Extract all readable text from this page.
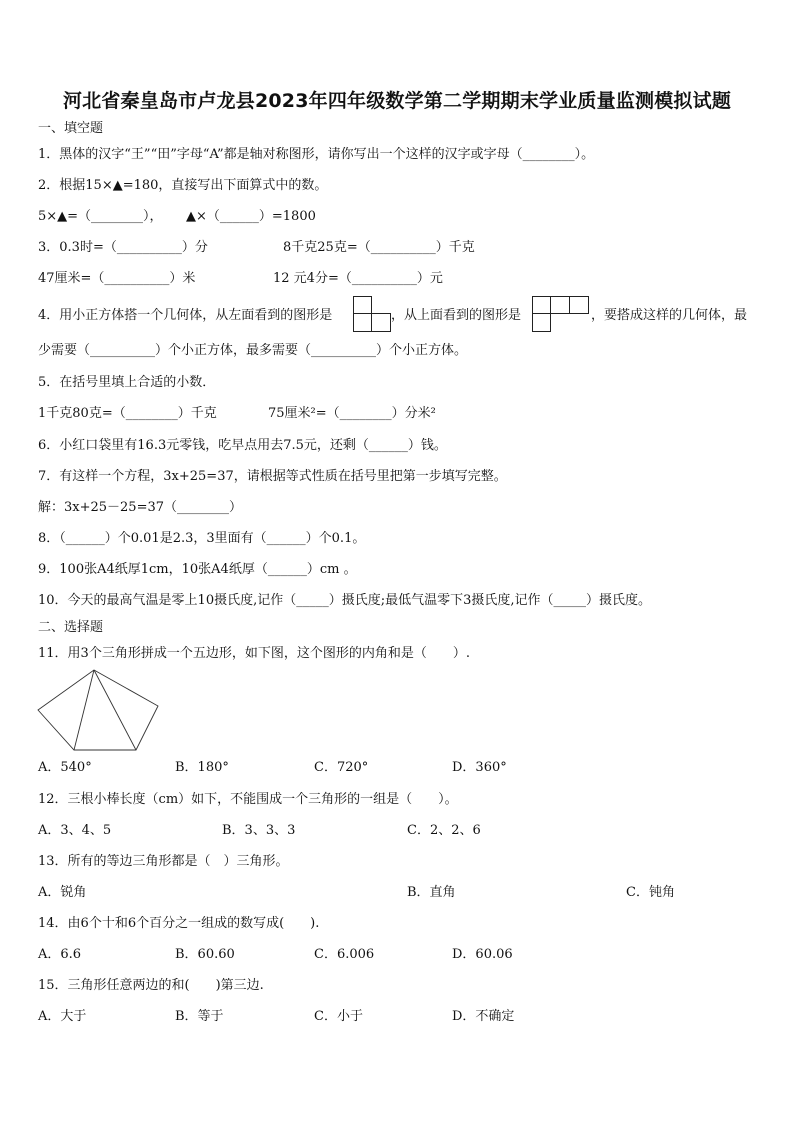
河北省秦皇岛市卢龙县2023年四年级数学第二学期期末学业质量监测模拟试题
一、填空题
1．黑体的汉字“王”“田”字母“A”都是轴对称图形，请你写出一个这样的汉字或字母（________）。
2．根据15×▲=180，直接写出下面算式中的数。
5×▲=（________）， ▲×（______）=1800
3．0.3时=（__________）分	8千克25克=（__________）千克
47厘米=（__________）米	12 元4分=（__________）元
4．用小正方体搭一个几何体，从左面看到的图形是	，从上面看到的图形是	，要搭成这样的几何体，最
少需要（__________）个小正方体，最多需要（__________）个小正方体。
5．在括号里填上合适的小数．
1千克80克=（________）千克	75厘米²=（________）分米²
6．小红口袋里有16.3元零钱，吃早点用去7.5元，还剩（______）钱。
7．有这样一个方程，3x+25=37，请根据等式性质在括号里把第一步填写完整。
解：3x+25－25=37（________）
8．（______）个0.01是2.3，3里面有（______）个0.1。
9．100张A4纸厚1cm，10张A4纸厚（______）cm 。
10．今天的最高气温是零上10摄氏度,记作（_____）摄氏度;最低气温零下3摄氏度,记作（_____）摄氏度。
二、选择题
11．用3个三角形拼成一个五边形，如下图，这个图形的内角和是（　　）.
A．540°	B．180°	C．720°	D．360°
12．三根小棒长度（cm）如下，不能围成一个三角形的一组是（　　）。
A．3、4、5	B．3、3、3	C．2、2、6
13．所有的等边三角形都是（　）三角形。
A．锐角	B．直角	C．钝角
14．由6个十和6个百分之一组成的数写成(　　).
A．6.6	B．60.60	C．6.006	D．60.06
15．三角形任意两边的和(　　)第三边.
A．大于	B．等于	C．小于	D．不确定
